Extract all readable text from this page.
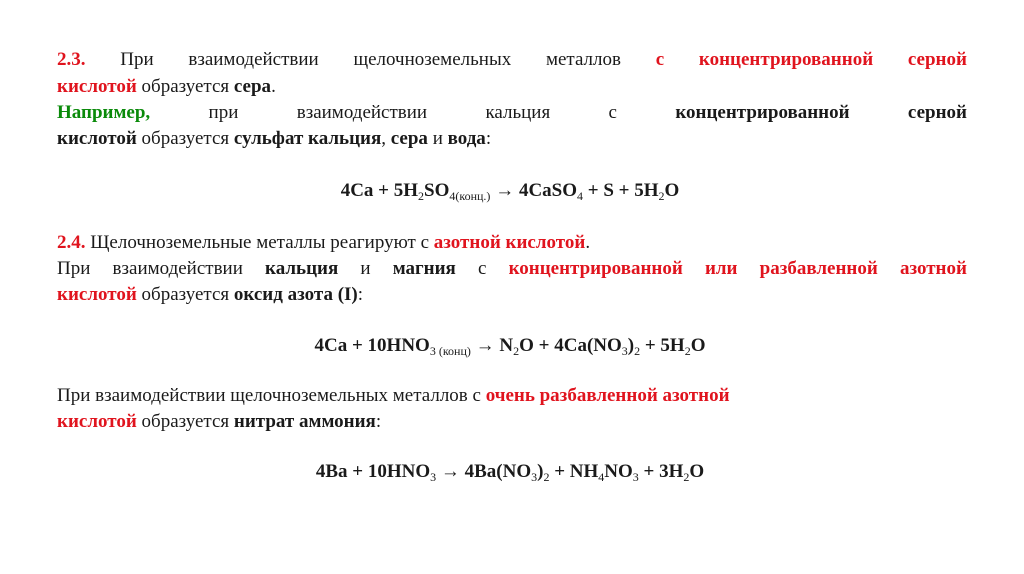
2.3. При взаимодействии щелочноземельных металлов с концентрированной серной
кислотой образуется сера.
Например,	при	взаимодействии	кальция	с	концентрированной	серной
кислотой образуется сульфат кальция, сера и вода:
$4Ca + 5H_2SO_{4(конц.)}$ → 4CaSO$_4$ + $S + 5H_2O$
2.4. Щелочноземельные металлы реагируют с азотной кислотой.
При взаимодействии кальция и магния с концентрированной или разбавленной азотной
кислотой образуется оксид азота (I):
$4Ca + 10HNO_{3 (конц)} \to N_2O + 4Ca(NO_3)_2 + 5H_2O$
При взаимодействии щелочноземельных металлов с очень разбавленной азотной
кислотой образуется нитрат аммония:
$4Ba + 10HNO_3 \to 4Ba(NO_3)_2 + NH_4NO_3 + 3H_2O$
